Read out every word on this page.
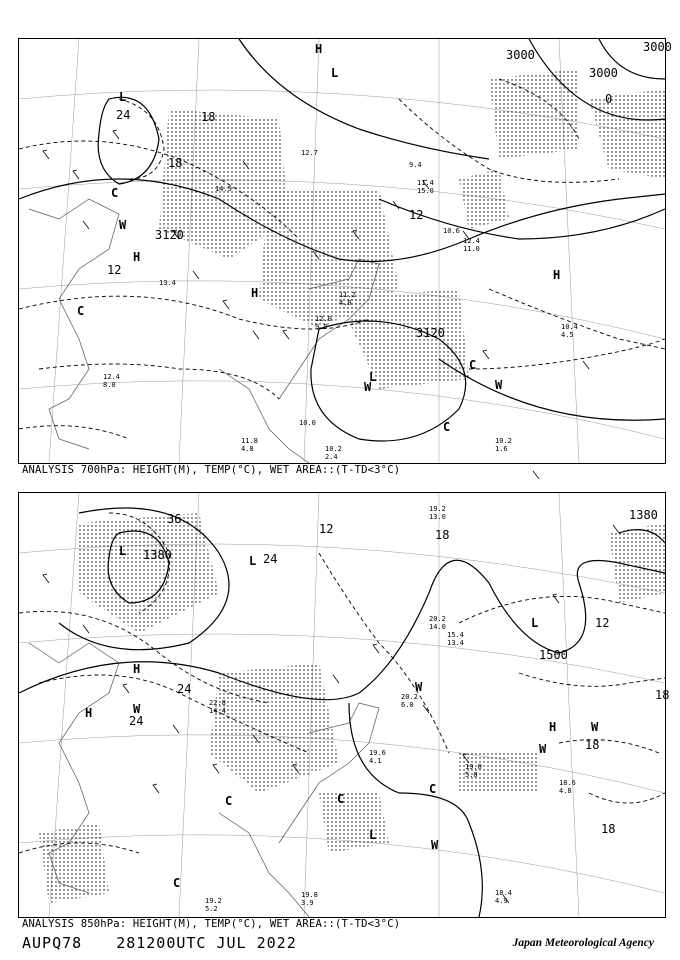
3120
3120
3000
3000
3000
24	18
18
12
12
0
L
L
L
H
H
H
H
C
C
C
C
W
W	W
12.7
9.4
11.4
15.0
10.6
12.4
11.0
10.2
1.6
10.4
4.5
11.2
4.0
14.5
13.4
11.8
4.8
10.0
10.2
2.4
12.0
9.0
12.4
8.0
ANALYSIS 700hPa: HEIGHT(M), TEMP(°C), WET AREA::(T-TD<3°C)
1380
1380
1500
36
24
24
24
18
18
18
18
12
12
L
L
L
L
H
H
H
C	C
C
C
W
W
W
W
W
19.2
13.0
20.2
14.0
15.4
13.4
19.6
4.1
19.0
5.0
18.6
4.8
18.4
4.9
19.8
3.9
19.2
5.2
22.8
14.4
20.2
6.0
ANALYSIS 850hPa: HEIGHT(M), TEMP(°C), WET AREA::(T-TD<3°C)
AUPQ78 281200UTC JUL 2022	Japan Meteorological Agency
